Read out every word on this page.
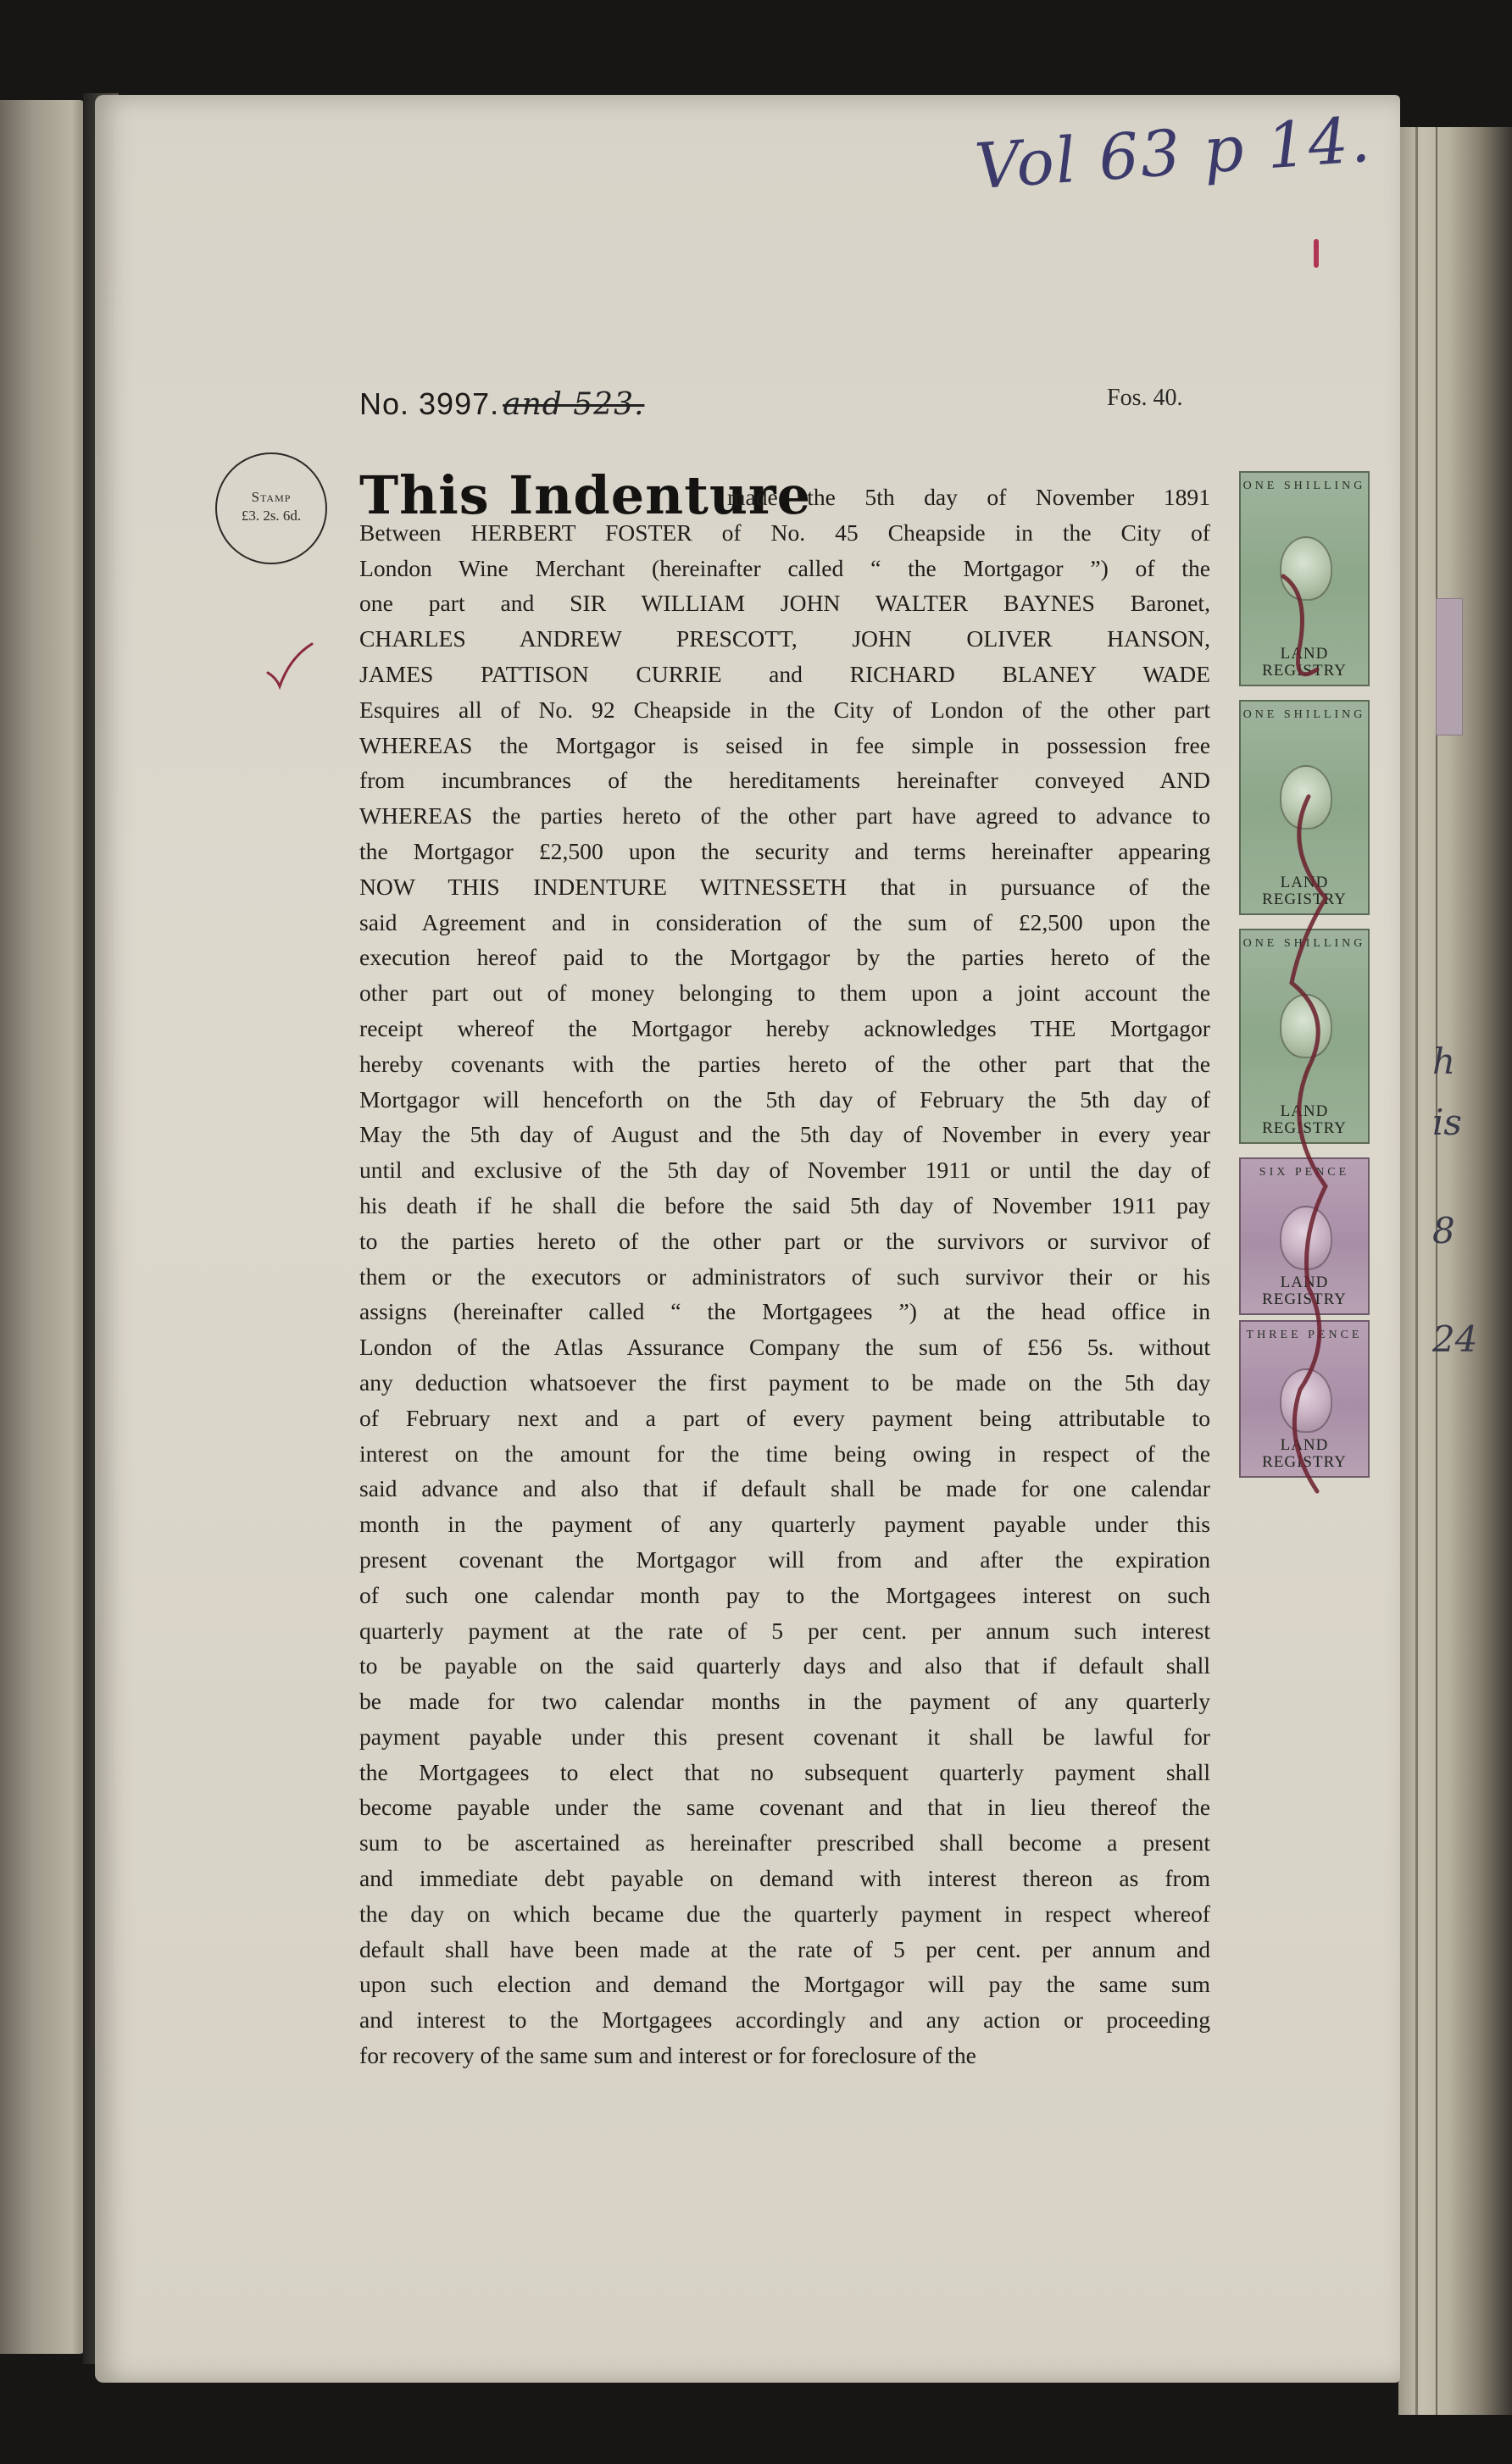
h
is
8
24
Vol 63 p 14.
No. 3997. and 523.	Fos. 40.
Stamp
£3. 2s. 6d.	This Indenture
made the 5th day of November 1891
Between HERBERT FOSTER of No. 45 Cheapside in the City of
London Wine Merchant (hereinafter called “ the Mortgagor ”) of the
one part and SIR WILLIAM JOHN WALTER BAYNES Baronet,
CHARLES ANDREW PRESCOTT, JOHN OLIVER HANSON,
JAMES PATTISON CURRIE and RICHARD BLANEY WADE
Esquires all of No. 92 Cheapside in the City of London of the other part
WHEREAS the Mortgagor is seised in fee simple in possession free
from incumbrances of the hereditaments hereinafter conveyed AND
WHEREAS the parties hereto of the other part have agreed to advance to
the Mortgagor £2,500 upon the security and terms hereinafter appearing
NOW THIS INDENTURE WITNESSETH that in pursuance of the
said Agreement and in consideration of the sum of £2,500 upon the
execution hereof paid to the Mortgagor by the parties hereto of the
other part out of money belonging to them upon a joint account the
receipt whereof the Mortgagor hereby acknowledges THE Mortgagor
hereby covenants with the parties hereto of the other part that the
Mortgagor will henceforth on the 5th day of February the 5th day of
May the 5th day of August and the 5th day of November in every year
until and exclusive of the 5th day of November 1911 or until the day of
his death if he shall die before the said 5th day of November 1911 pay
to the parties hereto of the other part or the survivors or survivor of
them or the executors or administrators of such survivor their or his
assigns (hereinafter called “ the Mortgagees ”) at the head office in
London of the Atlas Assurance Company the sum of £56 5s. without
any deduction whatsoever the first payment to be made on the 5th day
of February next and a part of every payment being attributable to
interest on the amount for the time being owing in respect of the
said advance and also that if default shall be made for one calendar
month in the payment of any quarterly payment payable under this
present covenant the Mortgagor will from and after the expiration
of such one calendar month pay to the Mortgagees interest on such
quarterly payment at the rate of 5 per cent. per annum such interest
to be payable on the said quarterly days and also that if default shall
be made for two calendar months in the payment of any quarterly
payment payable under this present covenant it shall be lawful for
the Mortgagees to elect that no subsequent quarterly payment shall
become payable under the same covenant and that in lieu thereof the
sum to be ascertained as hereinafter prescribed shall become a present
and immediate debt payable on demand with interest thereon as from
the day on which became due the quarterly payment in respect whereof
default shall have been made at the rate of 5 per cent. per annum and
upon such election and demand the Mortgagor will pay the same sum
and interest to the Mortgagees accordingly and any action or proceeding
for recovery of the same sum and interest or for foreclosure of the
ONE SHILLING
LAND REGISTRY
ONE SHILLING
LAND REGISTRY
ONE SHILLING
LAND REGISTRY
SIX PENCE
LAND REGISTRY
THREE PENCE
LAND REGISTRY
